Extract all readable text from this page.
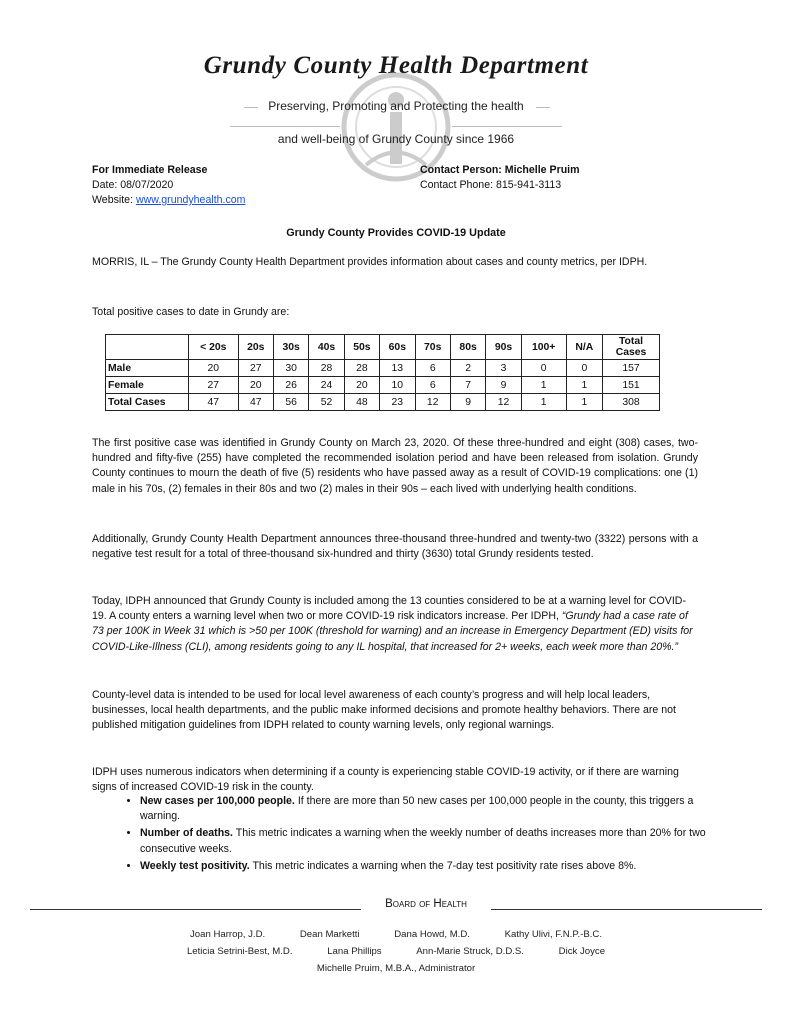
Grundy County Health Department
Preserving, Promoting and Protecting the health
and well-being of Grundy County since 1966
For Immediate Release
Date: 08/07/2020
Website: www.grundyhealth.com
Contact Person: Michelle Pruim
Contact Phone: 815-941-3113
Grundy County Provides COVID-19 Update
MORRIS, IL – The Grundy County Health Department provides information about cases and county metrics, per IDPH.
Total positive cases to date in Grundy are:
	< 20s	20s	30s	40s	50s	60s	70s	80s	90s	100+	N/A	Total Cases
Male	20	27	30	28	28	13	6	2	3	0	0	157
Female	27	20	26	24	20	10	6	7	9	1	1	151
Total Cases	47	47	56	52	48	23	12	9	12	1	1	308
The first positive case was identified in Grundy County on March 23, 2020. Of these three-hundred and eight (308) cases, two-hundred and fifty-five (255) have completed the recommended isolation period and have been released from isolation. Grundy County continues to mourn the death of five (5) residents who have passed away as a result of COVID-19 complications: one (1) male in his 70s, (2) females in their 80s and two (2) males in their 90s – each lived with underlying health conditions.
Additionally, Grundy County Health Department announces three-thousand three-hundred and twenty-two (3322) persons with a negative test result for a total of three-thousand six-hundred and thirty (3630) total Grundy residents tested.
Today, IDPH announced that Grundy County is included among the 13 counties considered to be at a warning level for COVID-19. A county enters a warning level when two or more COVID-19 risk indicators increase. Per IDPH, “Grundy had a case rate of 73 per 100K in Week 31 which is >50 per 100K (threshold for warning) and an increase in Emergency Department (ED) visits for COVID-Like-Illness (CLI), among residents going to any IL hospital, that increased for 2+ weeks, each week more than 20%.”
County-level data is intended to be used for local level awareness of each county’s progress and will help local leaders, businesses, local health departments, and the public make informed decisions and promote healthy behaviors. There are not published mitigation guidelines from IDPH related to county warning levels, only regional warnings.
IDPH uses numerous indicators when determining if a county is experiencing stable COVID-19 activity, or if there are warning signs of increased COVID-19 risk in the county.
• New cases per 100,000 people. If there are more than 50 new cases per 100,000 people in the county, this triggers a warning.
• Number of deaths. This metric indicates a warning when the weekly number of deaths increases more than 20% for two consecutive weeks.
• Weekly test positivity. This metric indicates a warning when the 7-day test positivity rate rises above 8%.
Board of Health
Joan Harrop, J.D.	Dean Marketti	Dana Howd, M.D.	Kathy Ulivi, F.N.P.-B.C.
Leticia Setrini-Best, M.D.	Lana Phillips	Ann-Marie Struck, D.D.S.	Dick Joyce
Michelle Pruim, M.B.A., Administrator
